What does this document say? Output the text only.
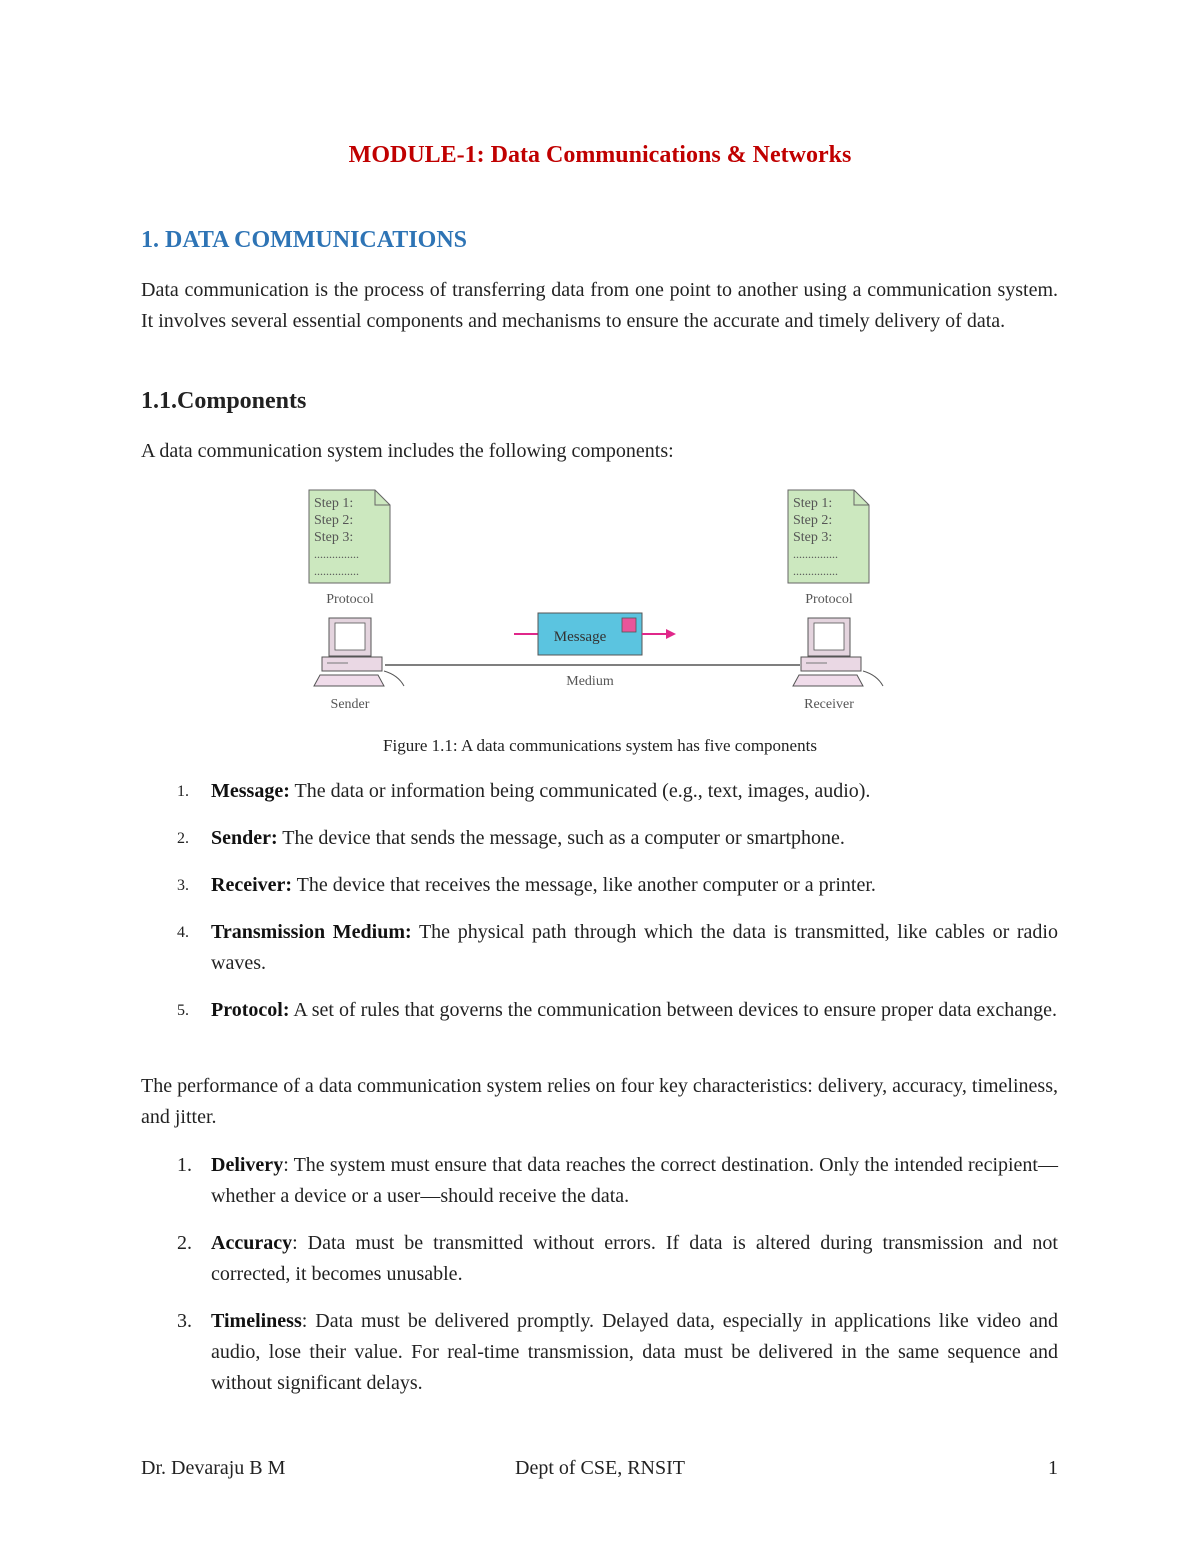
MODULE-1: Data Communications & Networks
1. DATA COMMUNICATIONS

Data communication is the process of transferring data from one point to another using a communication system. It involves several essential components and mechanisms to ensure the accurate and timely delivery of data.

1.1.Components

A data communication system includes the following components:

Step 1:
Step 2:
Step 3:
...............
...............
Protocol
Step 1:
Step 2:
Step 3:
...............
...............
Protocol
Medium
Message
Sender	Receiver

Figure 1.1: A data communications system has five components

1. Message: The data or information being communicated (e.g., text, images, audio).
2. Sender: The device that sends the message, such as a computer or smartphone.
3. Receiver: The device that receives the message, like another computer or a printer.
4. Transmission Medium: The physical path through which the data is transmitted, like cables or radio waves.
5. Protocol: A set of rules that governs the communication between devices to ensure proper data exchange.

The performance of a data communication system relies on four key characteristics: delivery, accuracy, timeliness, and jitter.

1. Delivery: The system must ensure that data reaches the correct destination. Only the intended recipient—whether a device or a user—should receive the data.
2. Accuracy: Data must be transmitted without errors. If data is altered during transmission and not corrected, it becomes unusable.
3. Timeliness: Data must be delivered promptly. Delayed data, especially in applications like video and audio, lose their value. For real-time transmission, data must be delivered in the same sequence and without significant delays.

Dr. Devaraju B M	Dept of CSE, RNSIT	1
